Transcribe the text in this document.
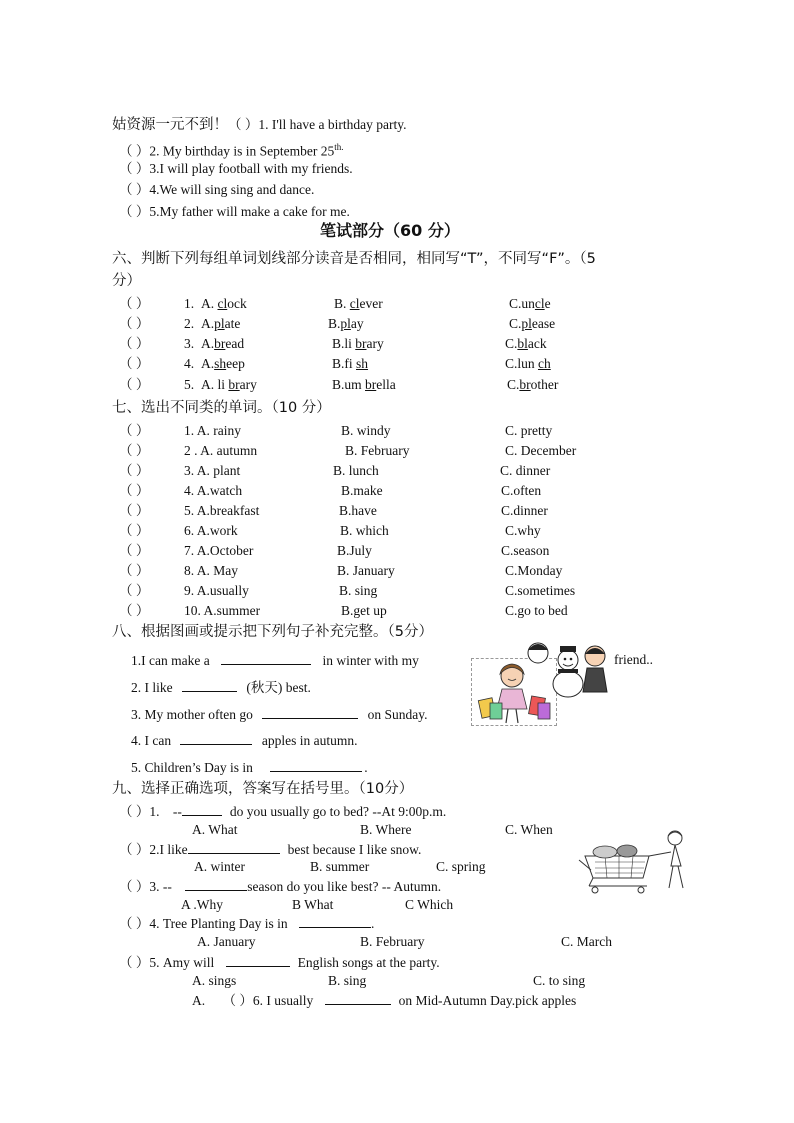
姑资源一元不到！（ ）1. I'll have a birthday party.
（ ）2. My birthday is in September $25^{th.}$
（ ）3.I will play football with my friends.
（ ）4.We will sing sing and dance.
（ ）5.My father will make a cake for me.
笔试部分（60 分）
六、判断下列每组单词划线部分读音是否相同，相同写“T”，不同写“F”。（5
分）
（ ）	1. A. clock	B. clever	C.uncle
（ ）	2. A.plate	B.play	C.please
（ ）	3. A.bread	B.li brary	C.black
（ ）	4. A.sheep	B.fi sh	C.lun ch
（ ）	5. A. li brary	B.um brella	C.brother
七、选出不同类的单词。（10 分）
（ ）	1. A. rainy	B. windy	C. pretty
（ ）	2 . A. autumn	B. February	C. December
（ ）	3. A. plant	B. lunch	C. dinner
（ ）	4. A.watch	B.make	C.often
（ ）	5. A.breakfast	B.have	C.dinner
（ ）	6. A.work	B. which	C.why
（ ）	7. A.October	B.July	C.season
（ ）	8. A. May	B. January	C.Monday
（ ）	9. A.usually	B. sing	C.sometimes
（ ）	10. A.summer	B.get up	C.go to bed
八、根据图画或提示把下列句子补充完整。（5分）
1.I can make a	in winter with my	friend..
2. I like	(秋天) best.
3. My mother often go	on Sunday.
4. I can	apples in autumn.
5. Children’s Day is in	.
九、选择正确选项，答案写在括号里。（10分）
（ ）1. --	do you usually go to bed? --At 9:00p.m.
A. What	B. Where	C. When
（ ）2.I like	best because I like snow.
A. winter	B. summer	C. spring
（ ）3. --	season do you like best? -- Autumn.
A .Why	B What	C Which
（ ）4. Tree Planting Day is in	.
A. January	B. February	C. March
（ ）5. Amy will	English songs at the party.
A. sings	B. sing	C. to sing
A. （ ）6. I usually	on Mid-Autumn Day.pick apples
